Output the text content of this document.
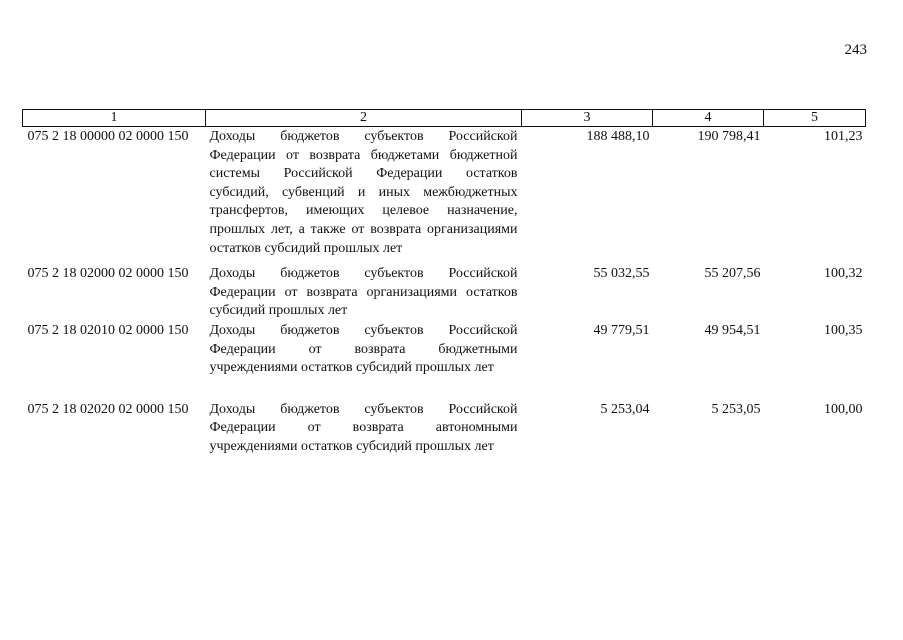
243
1	2	3	4	5
075 2 18 00000 02 0000 150	Доходы бюджетов субъектов Российской Федерации от возврата бюджетами бюджетной системы Российской Федерации остатков субсидий, субвенций и иных межбюджетных трансфертов, имеющих целевое назначение, прошлых лет, а также от возврата организациями остатков субсидий прошлых лет	188 488,10	190 798,41	101,23
075 2 18 02000 02 0000 150	Доходы бюджетов субъектов Российской Федерации от возврата организациями остатков субсидий прошлых лет	55 032,55	55 207,56	100,32
075 2 18 02010 02 0000 150	Доходы бюджетов субъектов Российской Федерации от возврата бюджетными учреждениями остатков субсидий прошлых лет	49 779,51	49 954,51	100,35
075 2 18 02020 02 0000 150	Доходы бюджетов субъектов Российской Федерации от возврата автономными учреждениями остатков субсидий прошлых лет	5 253,04	5 253,05	100,00
